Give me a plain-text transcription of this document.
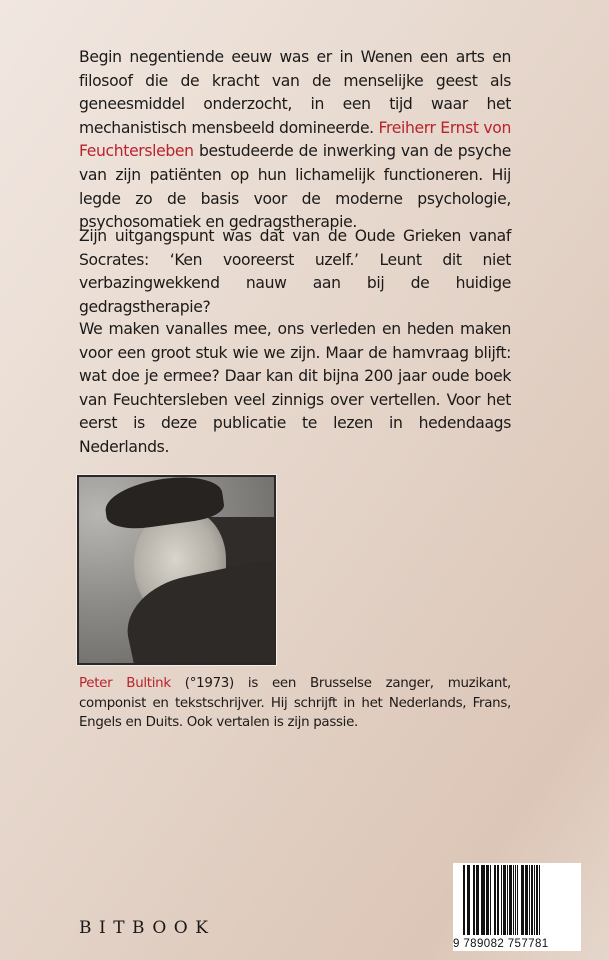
Begin negentiende eeuw was er in Wenen een arts en filosoof die de kracht van de menselijke geest als geneesmiddel onderzocht, in een tijd waar het mechanistisch mensbeeld domineerde. Freiherr Ernst von Feuchtersleben bestudeerde de inwerking van de psyche van zijn patiënten op hun lichamelijk functioneren. Hij legde zo de basis voor de moderne psychologie, psychosomatiek en gedragstherapie.

Zijn uitgangspunt was dat van de Oude Grieken vanaf Socrates: ‘Ken vooreerst uzelf.’ Leunt dit niet verbazingwekkend nauw aan bij de huidige gedragstherapie?

We maken vanalles mee, ons verleden en heden maken voor een groot stuk wie we zijn. Maar de hamvraag blijft: wat doe je ermee? Daar kan dit bijna 200 jaar oude boek van Feuchtersleben veel zinnigs over vertellen. Voor het eerst is deze publicatie te lezen in hedendaags Nederlands.

Peter Bultink (°1973) is een Brusselse zanger, muzikant, componist en tekstschrijver. Hij schrijft in het Nederlands, Frans, Engels en Duits. Ook vertalen is zijn passie.

BITBOOK
9 789082 757781
